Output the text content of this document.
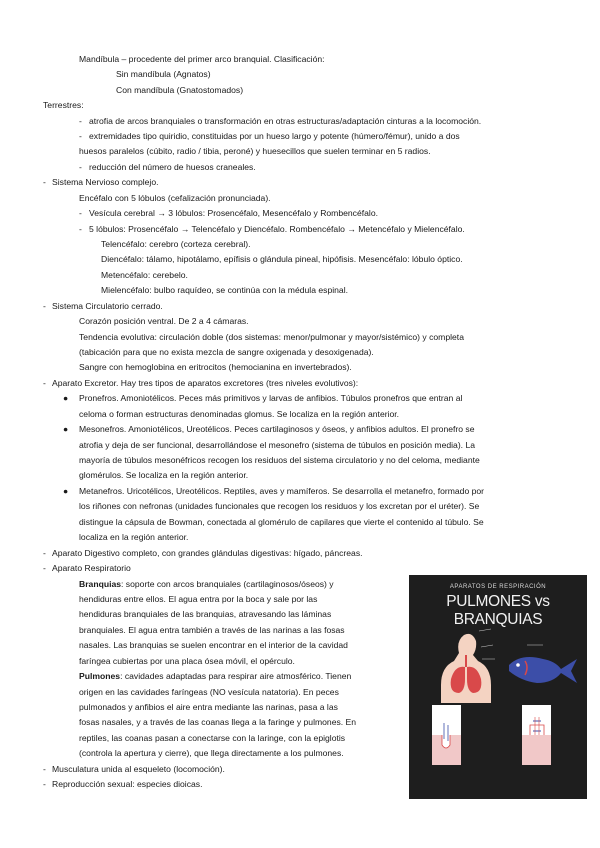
Mandíbula – procedente del primer arco branquial. Clasificación:
Sin mandíbula (Agnatos)
Con mandíbula (Gnatostomados)
Terrestres:
- atrofia de arcos branquiales o transformación en otras estructuras/adaptación cinturas a la locomoción.
- extremidades tipo quiridio, constituidas por un hueso largo y potente (húmero/fémur), unido a dos
huesos paralelos (cúbito, radio / tibia, peroné) y huesecillos que suelen terminar en 5 radios.
- reducción del número de huesos craneales.
- Sistema Nervioso complejo.
Encéfalo con 5 lóbulos (cefalización pronunciada).
- Vesícula cerebral → 3 lóbulos: Prosencéfalo, Mesencéfalo y Rombencéfalo.
- 5 lóbulos: Prosencéfalo → Telencéfalo y Diencéfalo. Rombencéfalo → Metencéfalo y Mielencéfalo.
Telencéfalo: cerebro (corteza cerebral).
Diencéfalo: tálamo, hipotálamo, epífisis o glándula pineal, hipófisis. Mesencéfalo: lóbulo óptico.
Metencéfalo: cerebelo.
Mielencéfalo: bulbo raquídeo, se continúa con la médula espinal.
- Sistema Circulatorio cerrado.
Corazón posición ventral. De 2 a 4 cámaras.
Tendencia evolutiva: circulación doble (dos sistemas: menor/pulmonar y mayor/sistémico) y completa
(tabicación para que no exista mezcla de sangre oxigenada y desoxigenada).
Sangre con hemoglobina en eritrocitos (hemocianina en invertebrados).
- Aparato Excretor. Hay tres tipos de aparatos excretores (tres niveles evolutivos):
● Pronefros. Amoniotélicos. Peces más primitivos y larvas de anfibios. Túbulos pronefros que entran al
celoma o forman estructuras denominadas glomus. Se localiza en la región anterior.
● Mesonefros. Amoniotélicos, Ureotélicos. Peces cartilaginosos y óseos, y anfibios adultos. El pronefro se
atrofia y deja de ser funcional, desarrollándose el mesonefro (sistema de túbulos en posición media). La
mayoría de túbulos mesonéfricos recogen los residuos del sistema circulatorio y no del celoma, mediante
glomérulos. Se localiza en la región anterior.
● Metanefros. Uricotélicos, Ureotélicos. Reptiles, aves y mamíferos. Se desarrolla el metanefro, formado por
los riñones con nefronas (unidades funcionales que recogen los residuos y los excretan por el uréter). Se
distingue la cápsula de Bowman, conectada al glomérulo de capilares que vierte el contenido al túbulo. Se
localiza en la región anterior.
- Aparato Digestivo completo, con grandes glándulas digestivas: hígado, páncreas.
- Aparato Respiratorio
Branquias: soporte con arcos branquiales (cartilaginosos/óseos) y
hendiduras entre ellos. El agua entra por la boca y sale por las
hendiduras branquiales de las branquias, atravesando las láminas
branquiales. El agua entra también a través de las narinas a las fosas
nasales. Las branquias se suelen encontrar en el interior de la cavidad
faríngea cubiertas por una placa ósea móvil, el opérculo.
Pulmones: cavidades adaptadas para respirar aire atmosférico. Tienen
origen en las cavidades faríngeas (NO vesícula natatoria). En peces
pulmonados y anfibios el aire entra mediante las narinas, pasa a las
fosas nasales, y a través de las coanas llega a la faringe y pulmones. En
reptiles, las coanas pasan a conectarse con la laringe, con la epiglotis
(controla la apertura y cierre), que llega directamente a los pulmones.
- Musculatura unida al esqueleto (locomoción).
- Reproducción sexual: especies dioicas.
APARATOS DE RESPIRACIÓN
PULMONES vs BRANQUIAS
